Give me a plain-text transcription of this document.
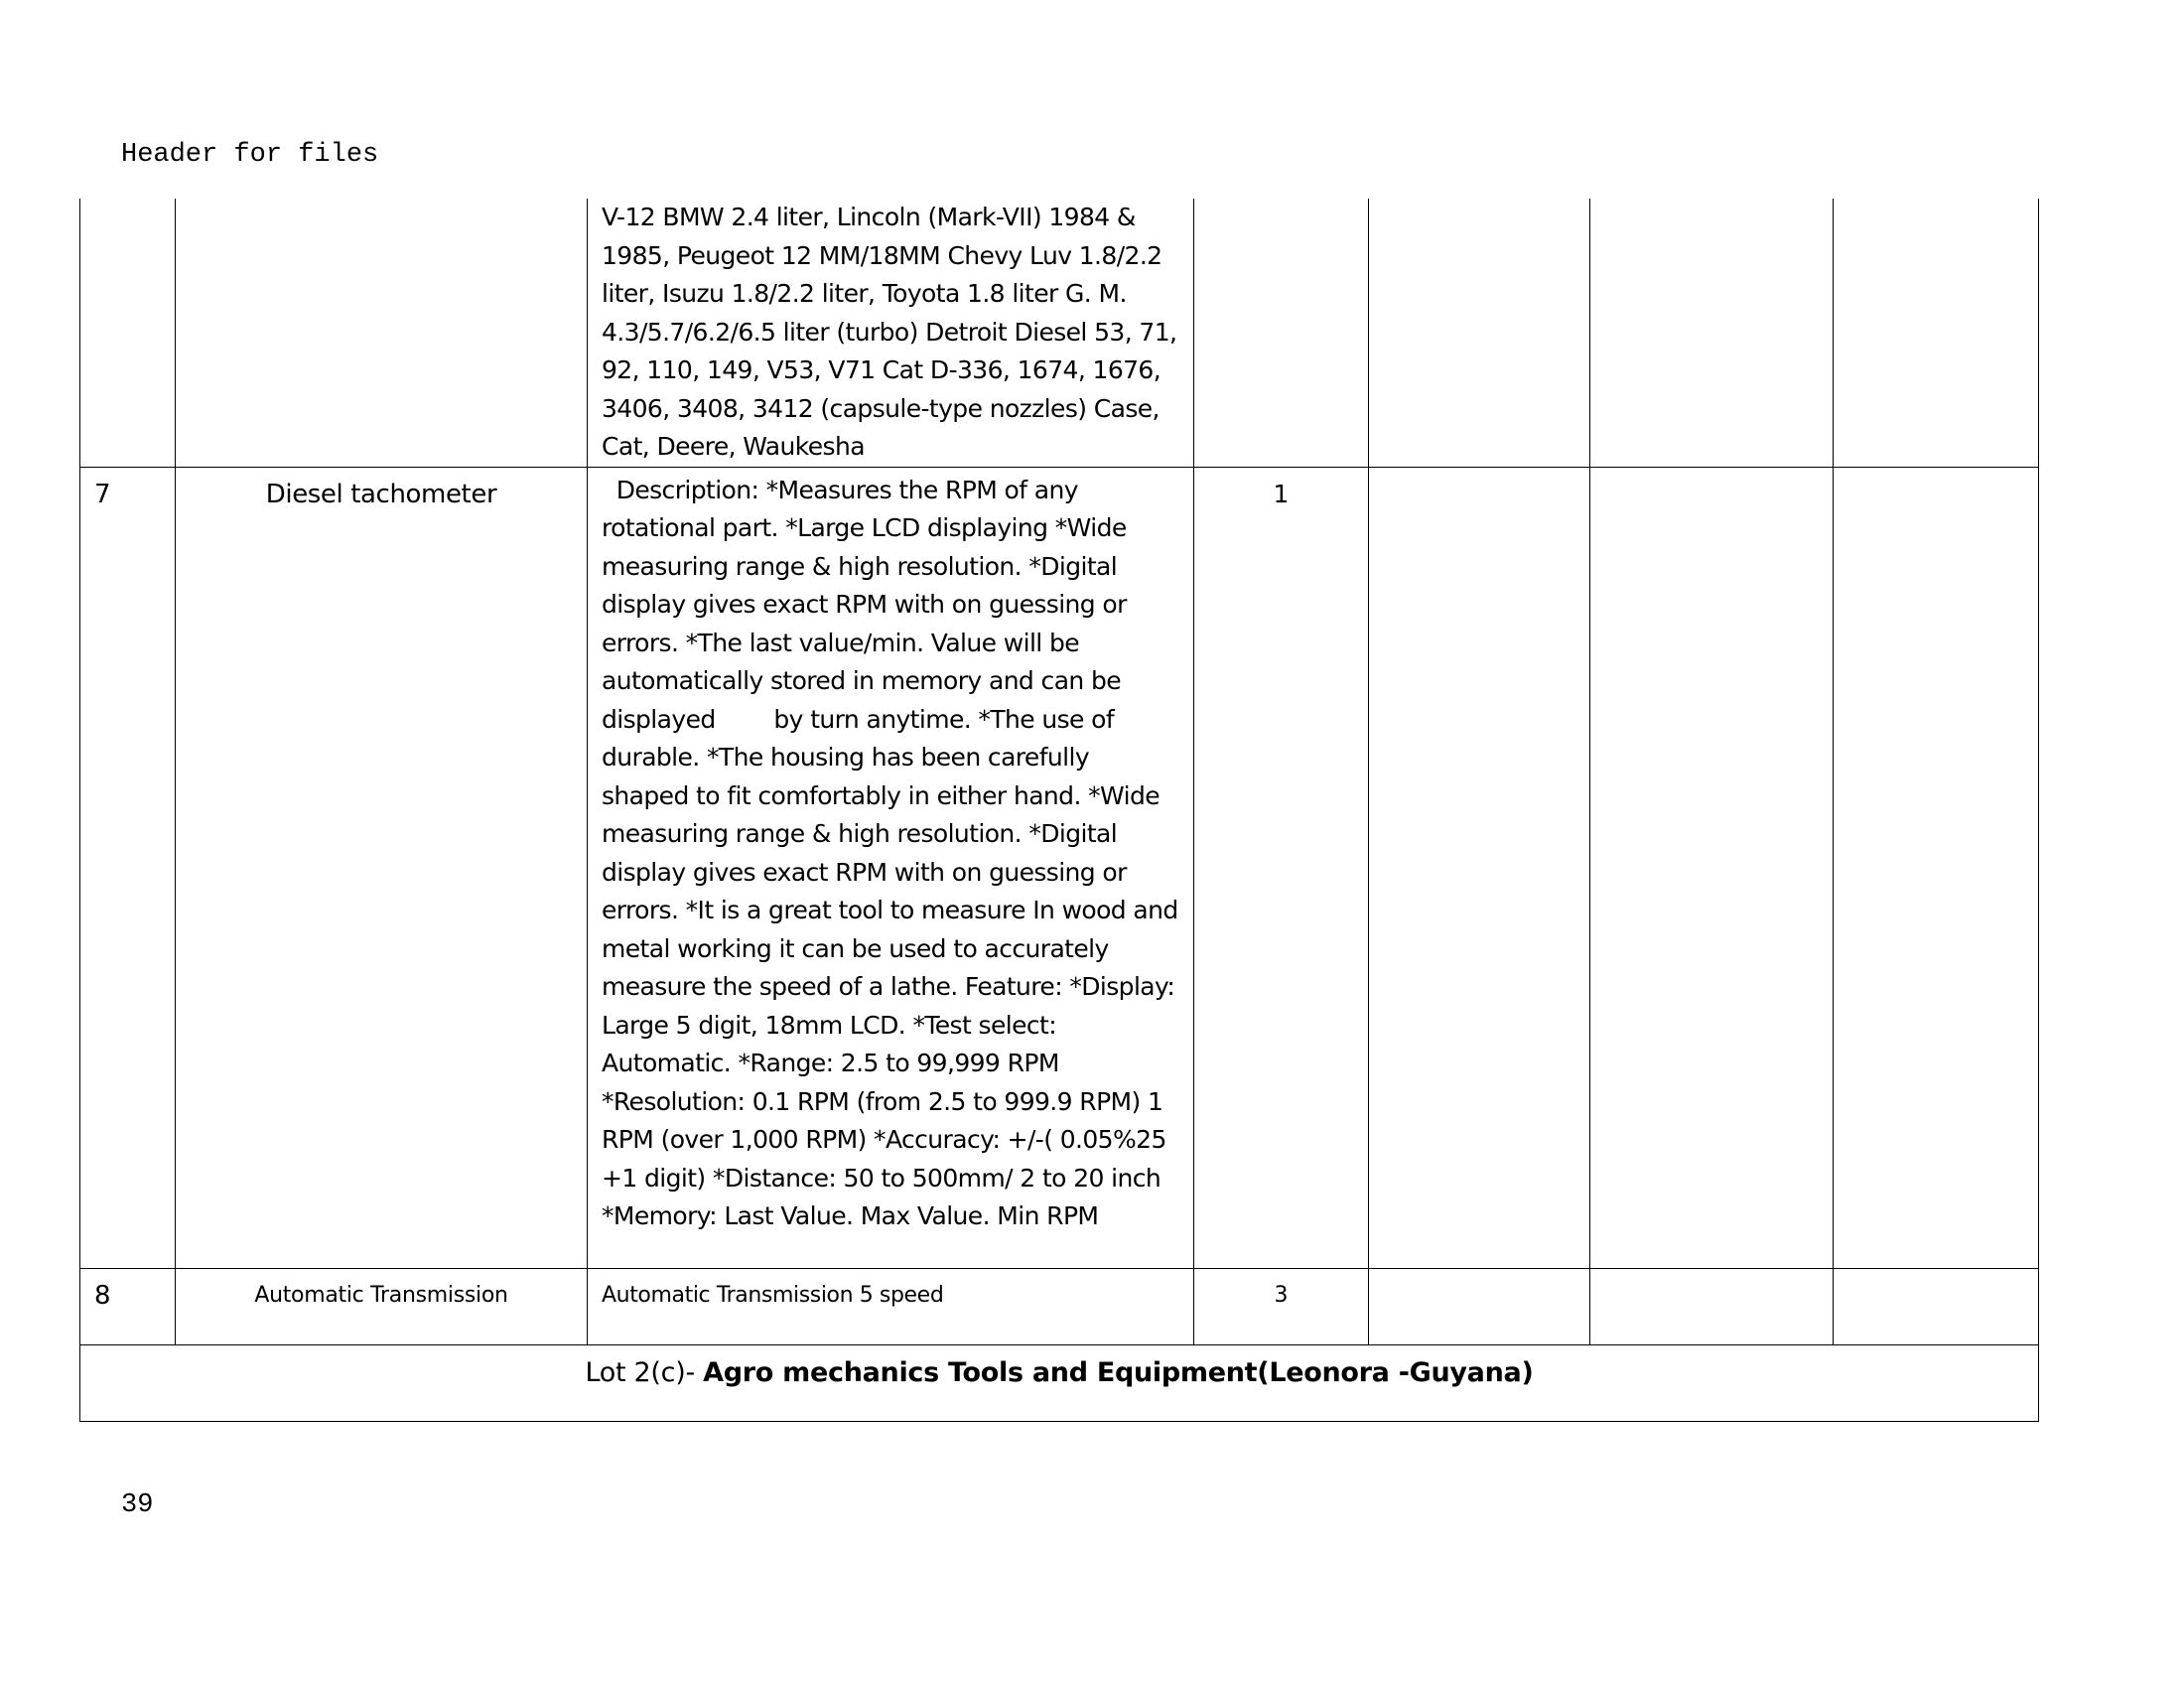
Header for files

		V-12 BMW 2.4 liter, Lincoln (Mark-VII) 1984 & 1985, Peugeot 12 MM/18MM Chevy Luv 1.8/2.2 liter, Isuzu 1.8/2.2 liter, Toyota 1.8 liter G. M. 4.3/5.7/6.2/6.5 liter (turbo) Detroit Diesel 53, 71, 92, 110, 149, V53, V71 Cat D-336, 1674, 1676, 3406, 3408, 3412 (capsule-type nozzles) Case, Cat, Deere, Waukesha				

7	Diesel tachometer	Description: *Measures the RPM of any rotational part. *Large LCD displaying *Wide measuring range & high resolution. *Digital display gives exact RPM with on guessing or errors. *The last value/min. Value will be automatically stored in memory and can be displayed        by turn anytime. *The use of durable. *The housing has been carefully shaped to fit comfortably in either hand. *Wide measuring range & high resolution. *Digital display gives exact RPM with on guessing or errors. *It is a great tool to measure In wood and metal working it can be used to accurately      measure the speed of a lathe. Feature: *Display: Large 5 digit, 18mm LCD. *Test select: Automatic. *Range: 2.5 to 99,999 RPM *Resolution: 0.1 RPM (from 2.5 to 999.9 RPM) 1 RPM (over 1,000 RPM) *Accuracy: +/-( 0.05%25 +1 digit) *Distance: 50 to 500mm/ 2 to 20 inch *Memory: Last Value. Max Value. Min RPM	1			

8	Automatic Transmission	Automatic Transmission 5 speed	3			

Lot 2(c)- Agro mechanics Tools and Equipment(Leonora -Guyana)						
39
